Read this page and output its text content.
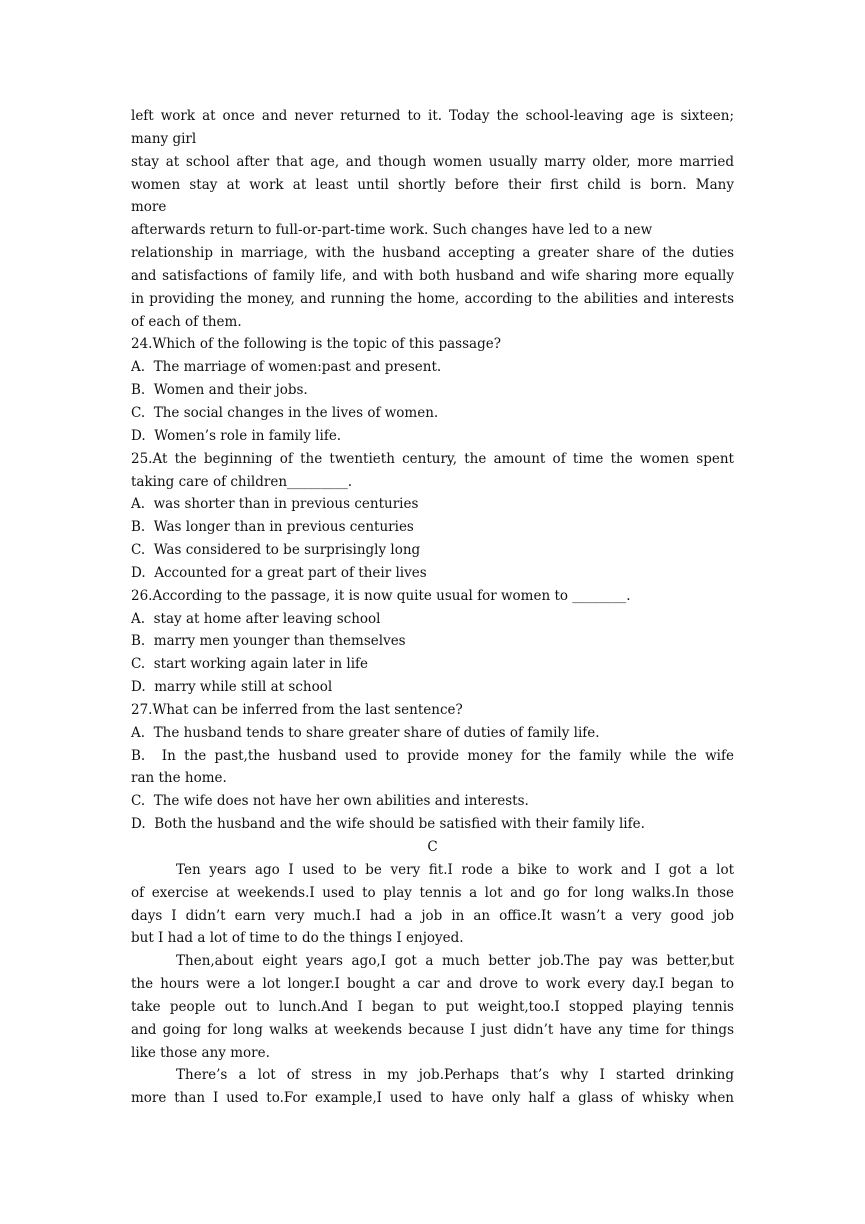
left work at once and never returned to it. Today the school-leaving age is sixteen;
many girl
stay at school after that age, and though women usually marry older, more married
women stay at work at least until shortly before their first child is born. Many
more
afterwards return to full-or-part-time work. Such changes have led to a new
relationship in marriage, with the husband accepting a greater share of the duties
and satisfactions of family life, and with both husband and wife sharing more equally
in providing the money, and running the home, according to the abilities and interests
of each of them.
24.Which of the following is the topic of this passage?
A.  The marriage of women:past and present.
B.  Women and their jobs.
C.  The social changes in the lives of women.
D.  Women’s role in family life.
25.At the beginning of the twentieth century, the amount of time the women spent
taking care of children_________.
A.  was shorter than in previous centuries
B.  Was longer than in previous centuries
C.  Was considered to be surprisingly long
D.  Accounted for a great part of their lives
26.According to the passage, it is now quite usual for women to ________.
A.  stay at home after leaving school
B.  marry men younger than themselves
C.  start working again later in life
D.  marry while still at school
27.What can be inferred from the last sentence?
A.  The husband tends to share greater share of duties of family life.
B.  In the past,the husband used to provide money for the family while the wife
ran the home.
C.  The wife does not have her own abilities and interests.
D.  Both the husband and the wife should be satisfied with their family life.
C
Ten years ago I used to be very fit.I rode a bike to work and I got a lot
of exercise at weekends.I used to play tennis a lot and go for long walks.In those
days I didn’t earn very much.I had a job in an office.It wasn’t a very good job
but I had a lot of time to do the things I enjoyed.
Then,about eight years ago,I got a much better job.The pay was better,but
the hours were a lot longer.I bought a car and drove to work every day.I began to
take people out to lunch.And I began to put weight,too.I stopped playing tennis
and going for long walks at weekends because I just didn’t have any time for things
like those any more.
There’s a lot of stress in my job.Perhaps that’s why I started drinking
more than I used to.For example,I used to have only half a glass of whisky when
